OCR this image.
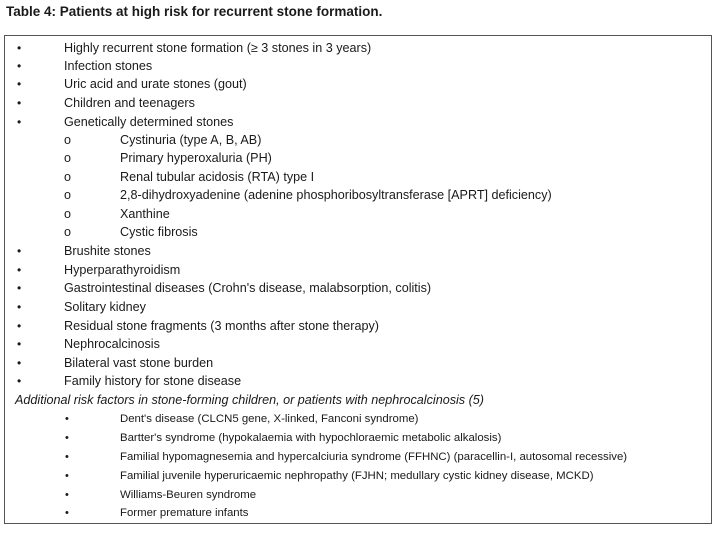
Table 4: Patients at high risk for recurrent stone formation.
•	Highly recurrent stone formation (≥ 3 stones in 3 years)
•	Infection stones
•	Uric acid and urate stones (gout)
•	Children and teenagers
•	Genetically determined stones
o	Cystinuria (type A, B, AB)
o	Primary hyperoxaluria (PH)
o	Renal tubular acidosis (RTA) type I
o	2,8-dihydroxyadenine (adenine phosphoribosyltransferase [APRT] deficiency)
o	Xanthine
o	Cystic fibrosis
•	Brushite stones
•	Hyperparathyroidism
•	Gastrointestinal diseases (Crohn's disease, malabsorption, colitis)
•	Solitary kidney
•	Residual stone fragments (3 months after stone therapy)
•	Nephrocalcinosis
•	Bilateral vast stone burden
•	Family history for stone disease
Additional risk factors in stone-forming children, or patients with nephrocalcinosis (5)
•	Dent's disease (CLCN5 gene, X-linked, Fanconi syndrome)
•	Bartter's syndrome (hypokalaemia with hypochloraemic metabolic alkalosis)
•	Familial hypomagnesemia and hypercalciuria syndrome (FFHNC) (paracellin-I, autosomal recessive)
•	Familial juvenile hyperuricaemic nephropathy (FJHN; medullary cystic kidney disease, MCKD)
•	Williams-Beuren syndrome
•	Former premature infants
